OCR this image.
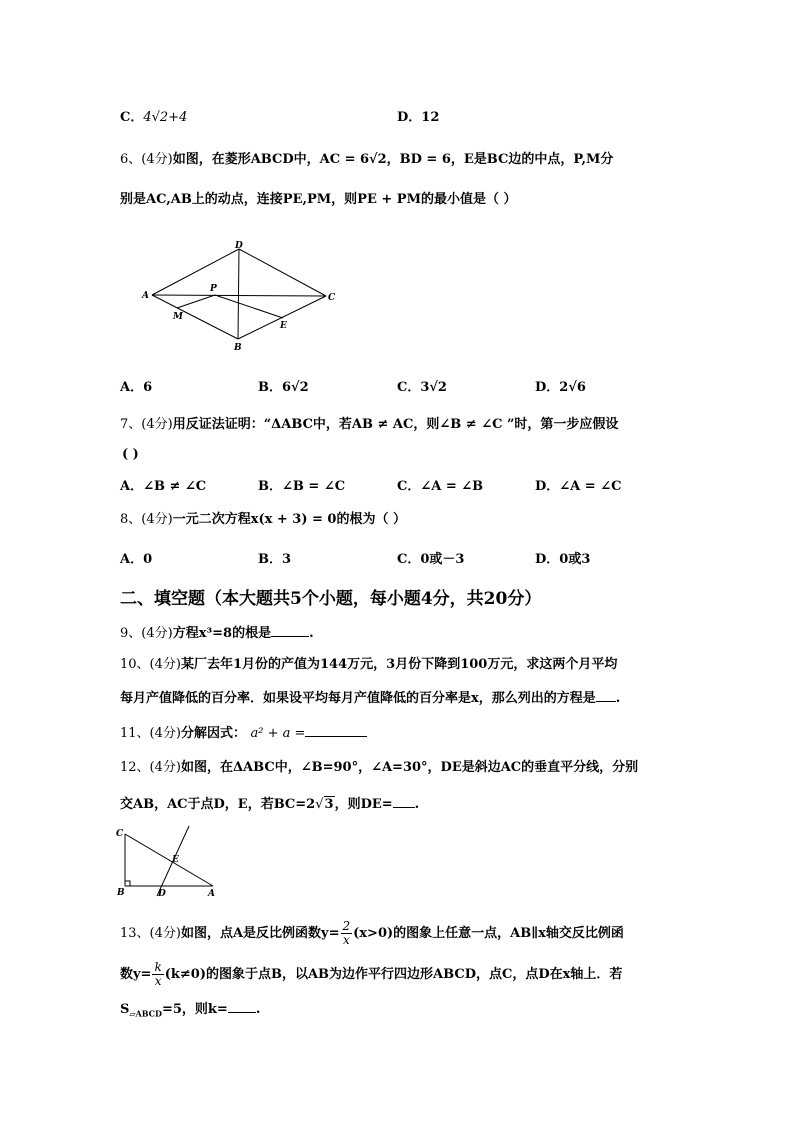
C．4√2+4	D．12
6、(4分)如图，在菱形ABCD中，AC = 6√2，BD = 6，E是BC边的中点，P,M分
别是AC,AB上的动点，连接PE,PM，则PE + PM的最小值是（ ）
D
A	C
P
M
E
B
A．6	B．6√2	C．3√2	D．2√6
7、(4分)用反证法证明：“ΔABC中，若AB ≠ AC，则∠B ≠ ∠C ”时，第一步应假设
( )
A．∠B ≠ ∠C	B．∠B = ∠C	C．∠A = ∠B	D．∠A = ∠C
8、(4分)一元二次方程x(x + 3) = 0的根为（ ）
A．0	B．3	C．0或－3	D．0或3
二、填空题（本大题共5个小题，每小题4分，共20分）
9、(4分)方程x³=8的根是	.
10、(4分)某厂去年1月份的产值为144万元，3月份下降到100万元，求这两个月平均
每月产值降低的百分率．如果设平均每月产值降低的百分率是x，那么列出的方程是 .
11、(4分)分解因式： a² + a =
12、(4分)如图，在ΔABC中，∠B=90°，∠A=30°，DE是斜边AC的垂直平分线，分别
交AB，AC于点D，E，若BC=2√3，则DE= .
C
B	D	A
E
13、(4分)如图，点A是反比例函数$y= \frac{2}{x} (x>0)$的图象上任意一点，AB∥x轴交反比例函
数$y= \frac{k}{x} (k\ne 0)$的图象于点B，以AB为边作平行四边形ABCD，点C，点D在x轴上．若
$S_{▱ABCD}=5$，则k= .
